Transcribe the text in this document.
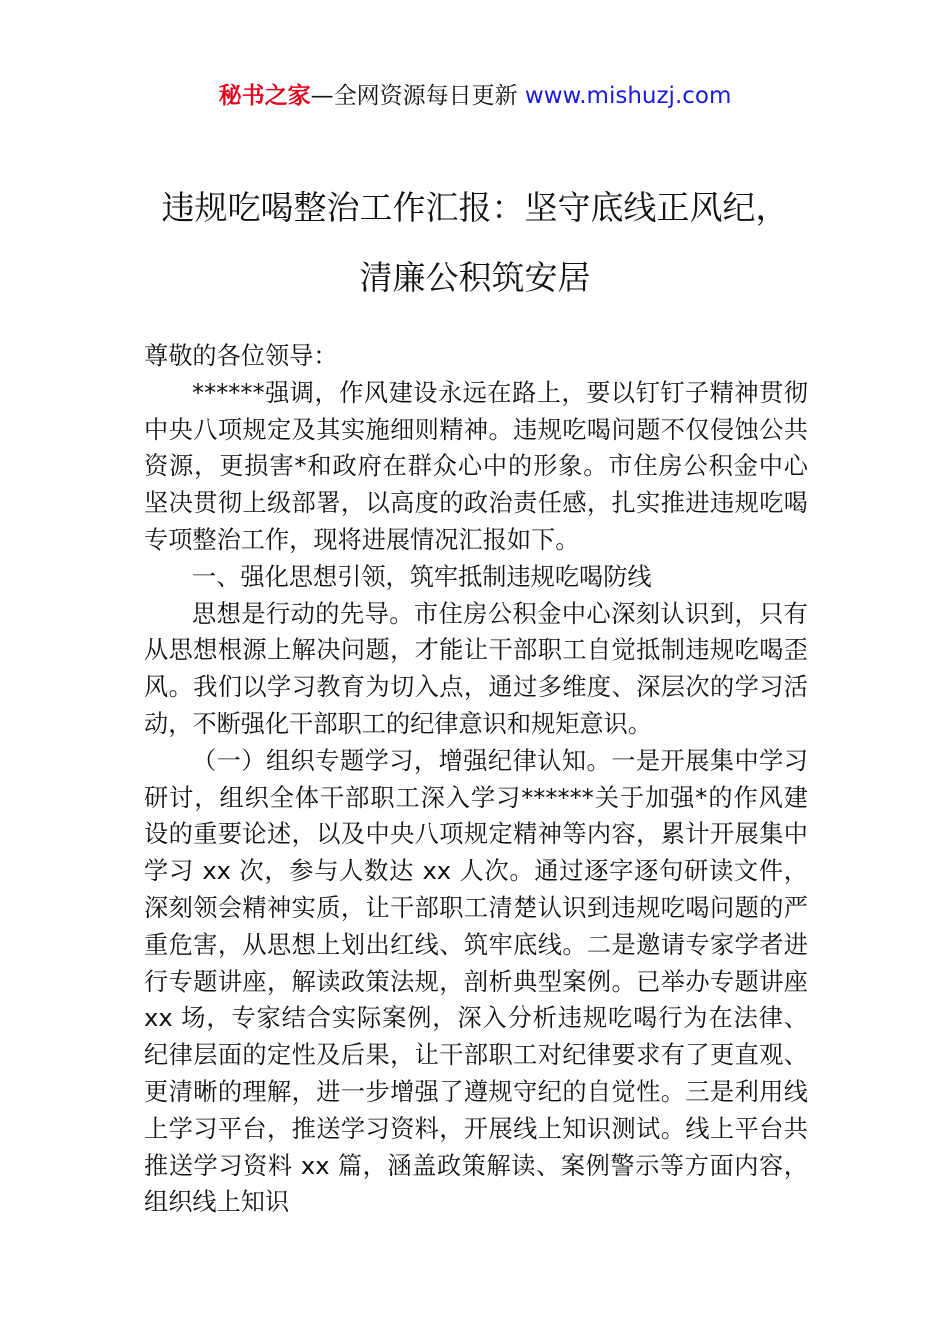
秘书之家—全网资源每日更新 www.mishuzj.com
违规吃喝整治工作汇报：坚守底线正风纪，
清廉公积筑安居

尊敬的各位领导：

******强调，作风建设永远在路上，要以钉钉子精神贯彻中央八项规定及其实施细则精神。违规吃喝问题不仅侵蚀公共资源，更损害*和政府在群众心中的形象。市住房公积金中心坚决贯彻上级部署，以高度的政治责任感，扎实推进违规吃喝专项整治工作，现将进展情况汇报如下。

一、强化思想引领，筑牢抵制违规吃喝防线

思想是行动的先导。市住房公积金中心深刻认识到，只有从思想根源上解决问题，才能让干部职工自觉抵制违规吃喝歪风。我们以学习教育为切入点，通过多维度、深层次的学习活动，不断强化干部职工的纪律意识和规矩意识。

（一）组织专题学习，增强纪律认知。一是开展集中学习研讨，组织全体干部职工深入学习******关于加强*的作风建设的重要论述，以及中央八项规定精神等内容，累计开展集中学习 xx 次，参与人数达 xx 人次。通过逐字逐句研读文件，深刻领会精神实质，让干部职工清楚认识到违规吃喝问题的严重危害，从思想上划出红线、筑牢底线。二是邀请专家学者进行专题讲座，解读政策法规，剖析典型案例。已举办专题讲座 xx 场，专家结合实际案例，深入分析违规吃喝行为在法律、纪律层面的定性及后果，让干部职工对纪律要求有了更直观、更清晰的理解，进一步增强了遵规守纪的自觉性。三是利用线上学习平台，推送学习资料，开展线上知识测试。线上平台共推送学习资料 xx 篇，涵盖政策解读、案例警示等方面内容，组织线上知识
